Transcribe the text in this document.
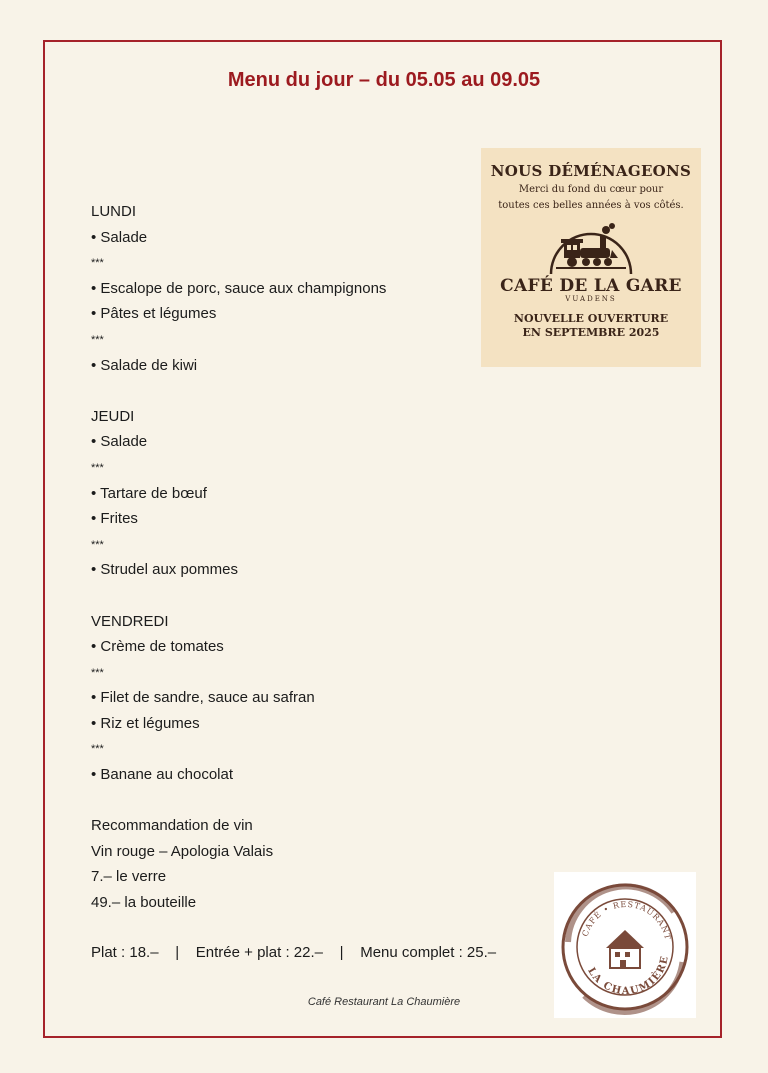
Menu du jour – du 05.05 au 09.05
LUNDI
• Salade
***
• Escalope de porc, sauce aux champignons
• Pâtes et légumes
***
• Salade de kiwi
JEUDI
• Salade
***
• Tartare de bœuf
• Frites
***
• Strudel aux pommes
VENDREDI
• Crème de tomates
***
• Filet de sandre, sauce au safran
• Riz et légumes
***
• Banane au chocolat
Recommandation de vin
Vin rouge – Apologia Valais
7.– le verre
49.– la bouteille
Plat : 18.– | Entrée + plat : 22.– | Menu complet : 25.–
Café Restaurant La Chaumière
NOUS DÉMÉNAGEONS
Merci du fond du cœur pour
toutes ces belles années à vos côtés.
CAFÉ DE LA GARE
VUADENS
NOUVELLE OUVERTURE
EN SEPTEMBRE 2025
CAFÉ • RESTAURANT
LA CHAUMIÈRE
